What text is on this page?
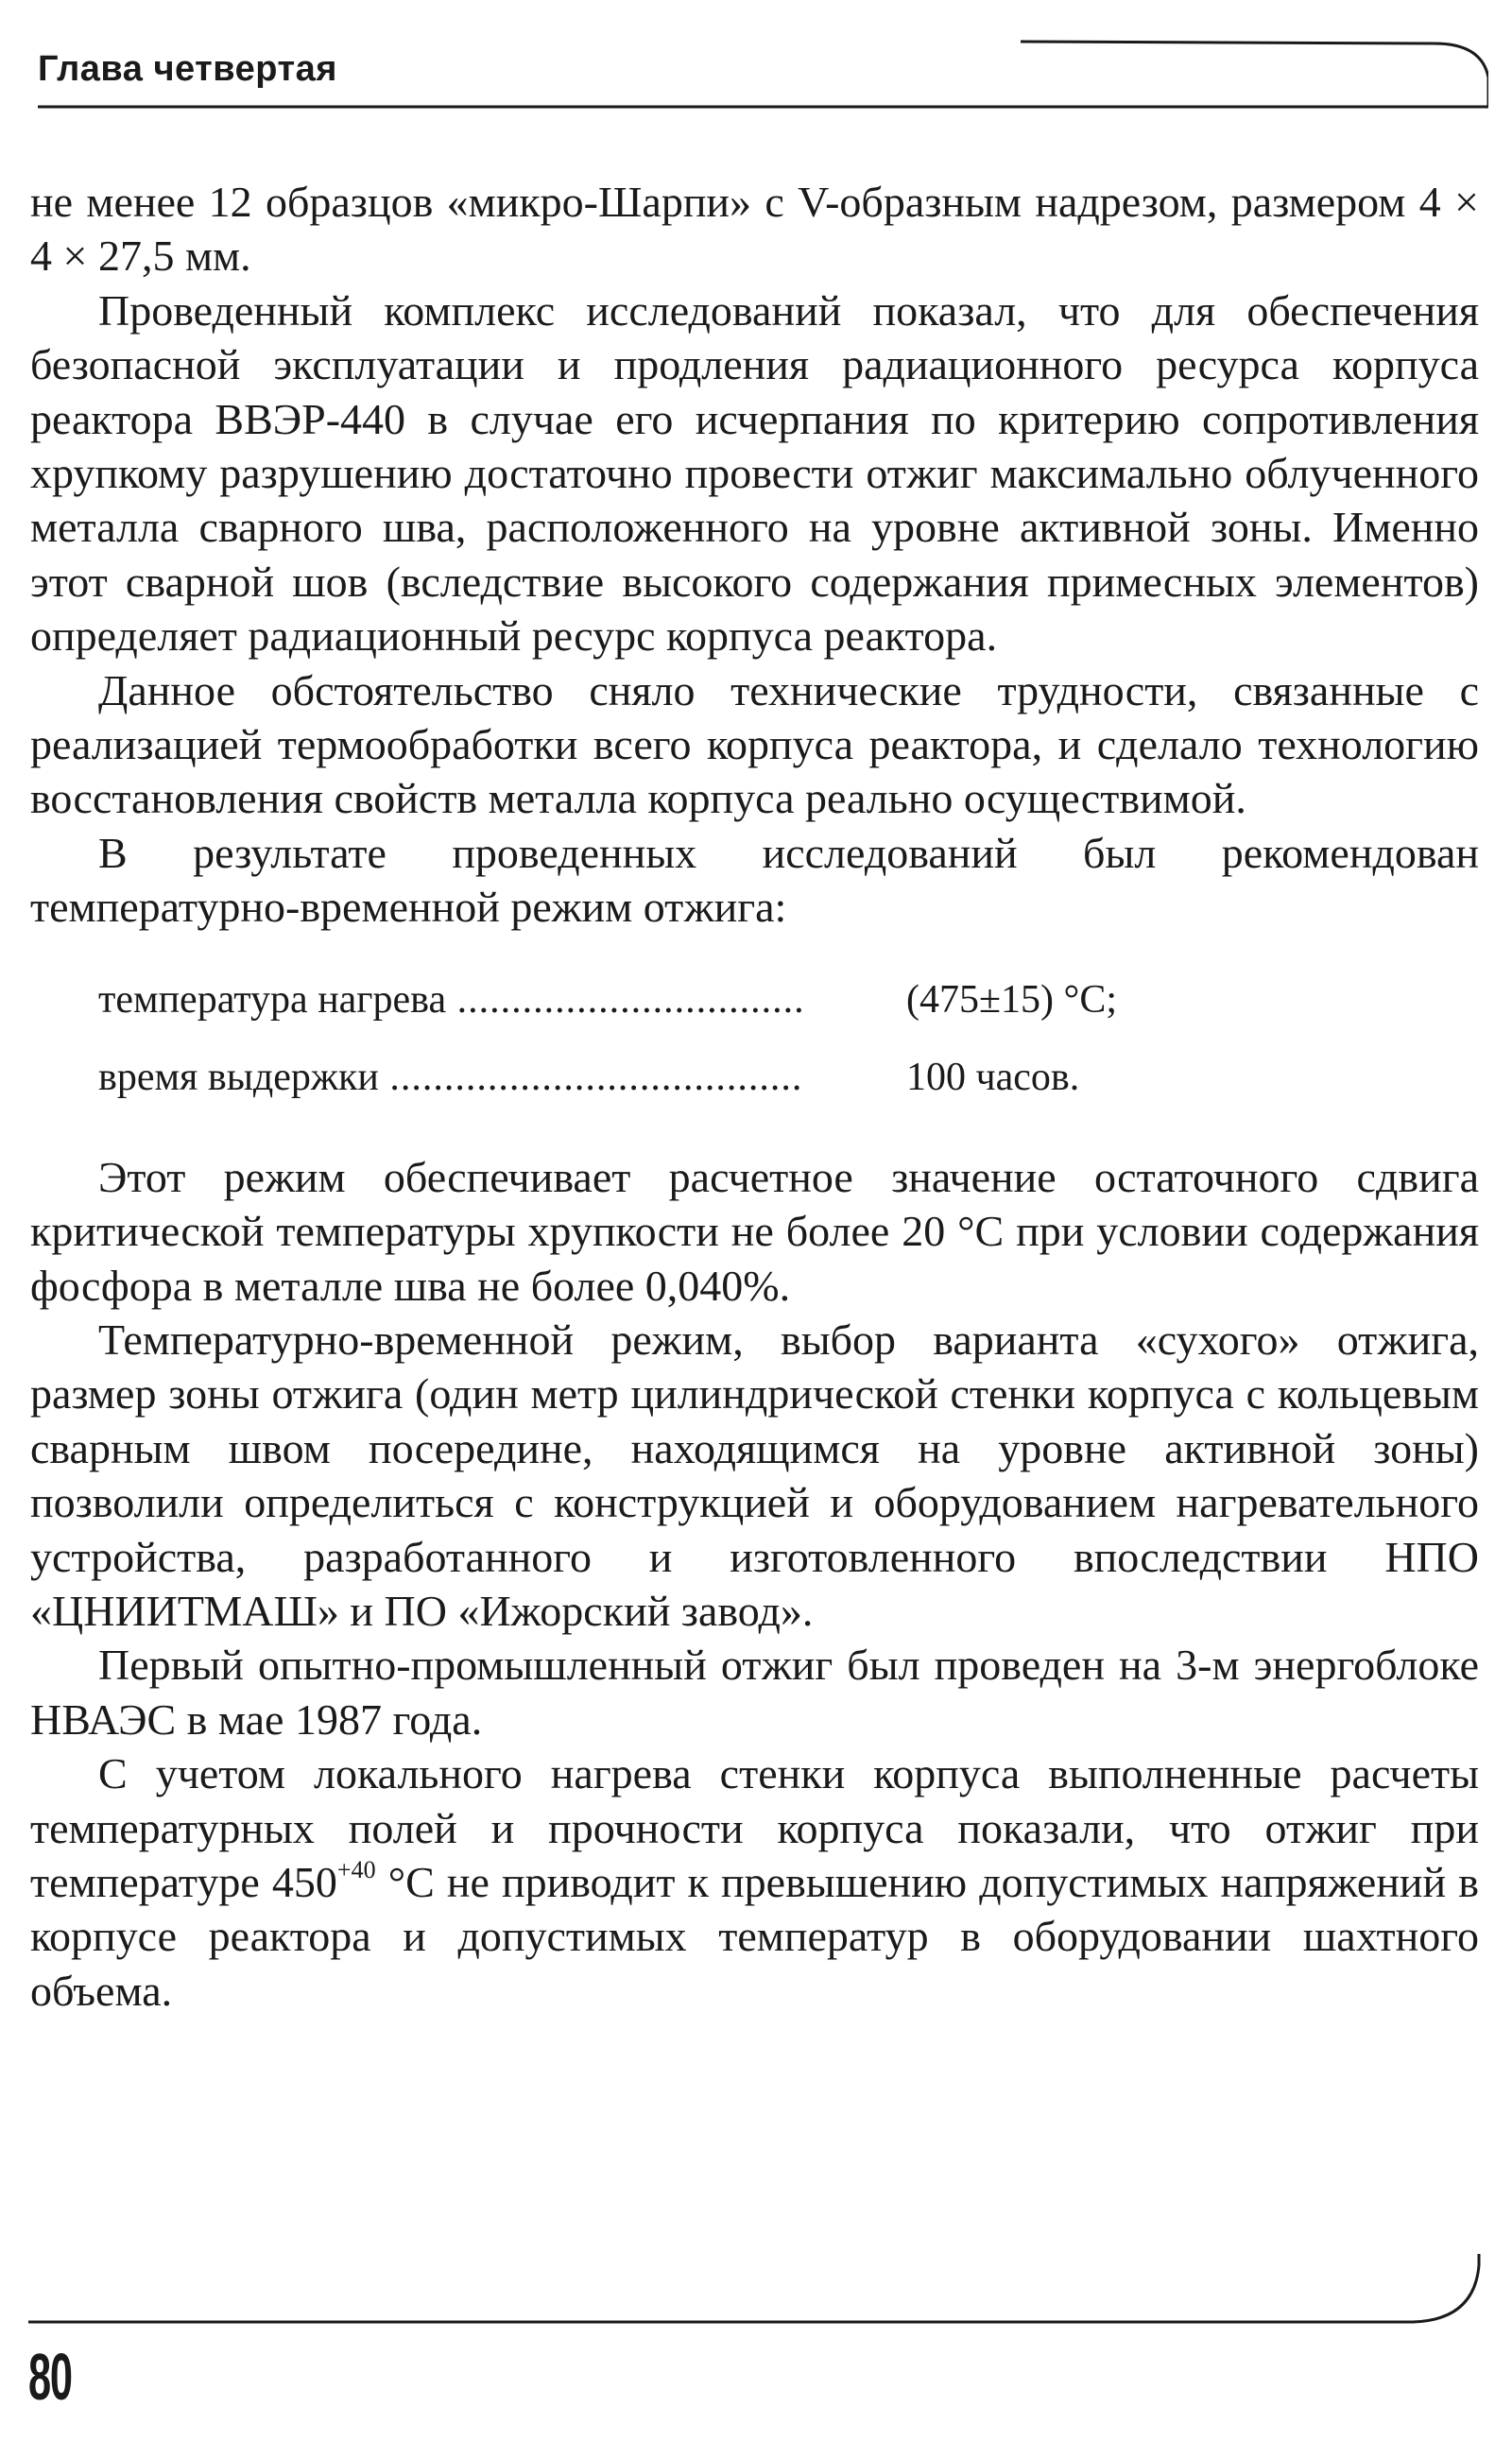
Глава четвертая

не менее 12 образцов «микро-Шарпи» с V-образным надрезом, размером 4 × 4 × 27,5 мм.

Проведенный комплекс исследований показал, что для обеспечения безопасной эксплуатации и продления радиационного ресурса корпуса реактора ВВЭР-440 в случае его исчерпания по критерию сопротивления хрупкому разрушению достаточно провести отжиг максимально облученного металла сварного шва, расположенного на уровне активной зоны. Именно этот сварной шов (вследствие высокого содержания примесных элементов) определяет радиационный ресурс корпуса реактора.

Данное обстоятельство сняло технические трудности, связанные с реализацией термообработки всего корпуса реактора, и сделало технологию восстановления свойств металла корпуса реально осуществимой.

В результате проведенных исследований был рекомендован температурно-временной режим отжига:

температура нагрева .....	(475±15) °С;
время выдержки .....	100 часов.

Этот режим обеспечивает расчетное значение остаточного сдвига критической температуры хрупкости не более 20 °С при условии содержания фосфора в металле шва не более 0,040%.

Температурно-временной режим, выбор варианта «сухого» отжига, размер зоны отжига (один метр цилиндрической стенки корпуса с кольцевым сварным швом посередине, находящимся на уровне активной зоны) позволили определиться с конструкцией и оборудованием нагревательного устройства, разработанного и изготовленного впоследствии НПО «ЦНИИТМАШ» и ПО «Ижорский завод».

Первый опытно-промышленный отжиг был проведен на 3-м энергоблоке НВАЭС в мае 1987 года.

С учетом локального нагрева стенки корпуса выполненные расчеты температурных полей и прочности корпуса показали, что отжиг при температуре $450^{+40}$ °С не приводит к превышению допустимых напряжений в корпусе реактора и допустимых температур в оборудовании шахтного объема.

80
